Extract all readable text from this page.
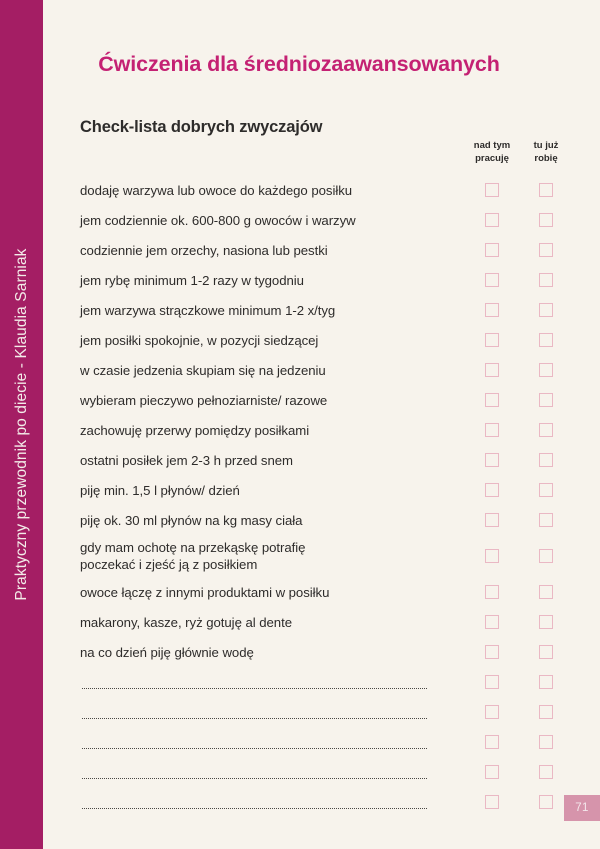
Praktyczny przewodnik po diecie - Klaudia Sarniak
Ćwiczenia dla średniozaawansowanych
Check-lista dobrych zwyczajów
nad tym
pracuję
tu już
robię
dodaję warzywa lub owoce do każdego posiłku
jem codziennie ok. 600-800 g owoców i warzyw
codziennie jem orzechy, nasiona lub pestki
jem rybę minimum 1-2 razy w tygodniu
jem warzywa strączkowe minimum 1-2 x/tyg
jem posiłki spokojnie, w pozycji siedzącej
w czasie jedzenia skupiam się na jedzeniu
wybieram pieczywo pełnoziarniste/ razowe
zachowuję przerwy pomiędzy posiłkami
ostatni posiłek jem 2-3 h przed snem
piję min. 1,5 l płynów/ dzień
piję ok. 30 ml płynów na kg masy ciała
gdy mam ochotę na przekąskę potrafię
poczekać i zjeść ją z posiłkiem
owoce łączę z innymi produktami w posiłku
makarony, kasze, ryż gotuję al dente
na co dzień piję głównie wodę
71
